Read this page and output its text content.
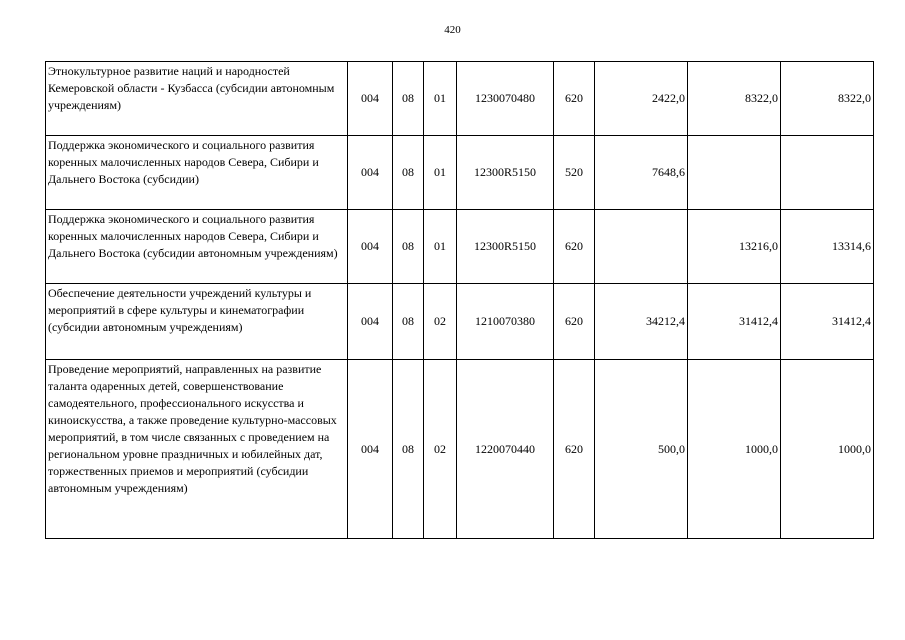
420
Этнокультурное развитие наций и народностей Кемеровской области - Кузбасса (субсидии автономным учреждениям)	004	08	01	1230070480	620	2422,0	8322,0	8322,0
Поддержка экономического и социального развития коренных малочисленных народов Севера, Сибири и Дальнего Востока (субсидии)	004	08	01	12300R5150	520	7648,6		
Поддержка экономического и социального развития коренных малочисленных народов Севера, Сибири и Дальнего Востока (субсидии автономным учреждениям)	004	08	01	12300R5150	620		13216,0	13314,6
Обеспечение деятельности учреждений культуры и мероприятий в сфере культуры и кинематографии (субсидии автономным учреждениям)	004	08	02	1210070380	620	34212,4	31412,4	31412,4
Проведение мероприятий, направленных на развитие таланта одаренных детей, совершенствование самодеятельного, профессионального искусства и киноискусства, а также проведение культурно-массовых мероприятий, в том числе связанных с проведением на региональном уровне праздничных и юбилейных дат, торжественных приемов и мероприятий (субсидии автономным учреждениям)	004	08	02	1220070440	620	500,0	1000,0	1000,0
